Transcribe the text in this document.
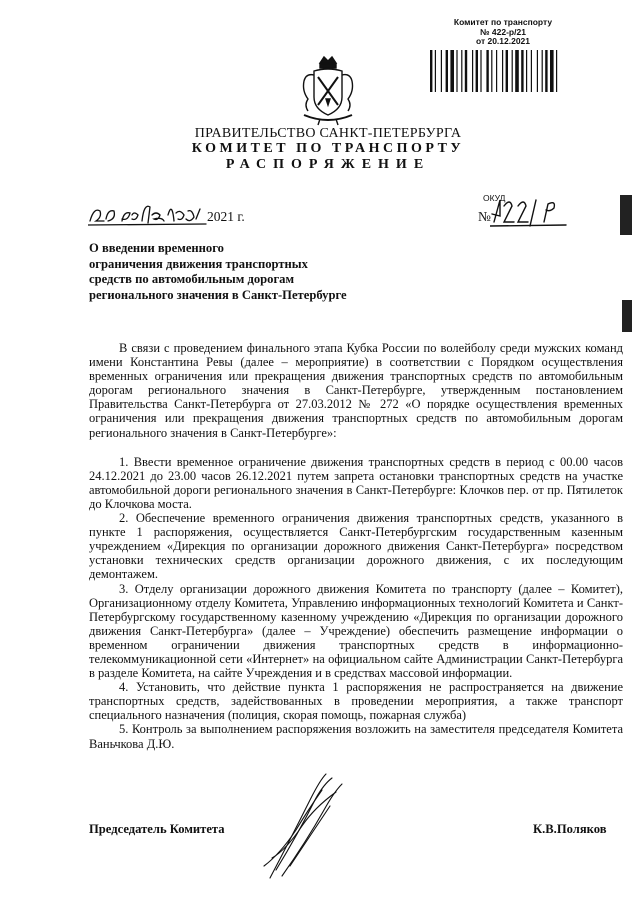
Комитет по транспорту
№ 422-р/21
от 20.12.2021
ПРАВИТЕЛЬСТВО САНКТ-ПЕТЕРБУРГА
КОМИТЕТ ПО ТРАНСПОРТУ
РАСПОРЯЖЕНИЕ
ОКУД
2021 г.	№
О введении временного
ограничения движения транспортных
средств по автомобильным дорогам
регионального значения в Санкт-Петербурге

В связи с проведением финального этапа Кубка России по волейболу среди мужских команд имени Константина Ревы (далее – мероприятие) в соответствии с Порядком осуществления временных ограничения или прекращения движения транспортных средств по автомобильным дорогам регионального значения в Санкт-Петербурге, утвержденным постановлением Правительства Санкт-Петербурга от 27.03.2012 № 272 «О порядке осуществления временных ограничения или прекращения движения транспортных средств по автомобильным дорогам регионального значения в Санкт-Петербурге»:

1. Ввести временное ограничение движения транспортных средств в период с 00.00 часов 24.12.2021 до 23.00 часов 26.12.2021 путем запрета остановки транспортных средств на участке автомобильной дороги регионального значения в Санкт-Петербурге: Клочков пер. от пр. Пятилеток до Клочкова моста.

2. Обеспечение временного ограничения движения транспортных средств, указанного в пункте 1 распоряжения, осуществляется Санкт-Петербургским государственным казенным учреждением «Дирекция по организации дорожного движения Санкт-Петербурга» посредством установки технических средств организации дорожного движения, с их последующим демонтажем.

3. Отделу организации дорожного движения Комитета по транспорту (далее – Комитет), Организационному отделу Комитета, Управлению информационных технологий Комитета и Санкт-Петербургскому государственному казенному учреждению «Дирекция по организации дорожного движения Санкт-Петербурга» (далее – Учреждение) обеспечить размещение информации о временном ограничении движения транспортных средств в информационно-телекоммуникационной сети «Интернет» на официальном сайте Администрации Санкт-Петербурга в разделе Комитета, на сайте Учреждения и в средствах массовой информации.

4. Установить, что действие пункта 1 распоряжения не распространяется на движение транспортных средств, задействованных в проведении мероприятия, а также транспорт специального назначения (полиция, скорая помощь, пожарная служба)

5. Контроль за выполнением распоряжения возложить на заместителя председателя Комитета Ваньчкова Д.Ю.

Председатель Комитета	К.В.Поляков
